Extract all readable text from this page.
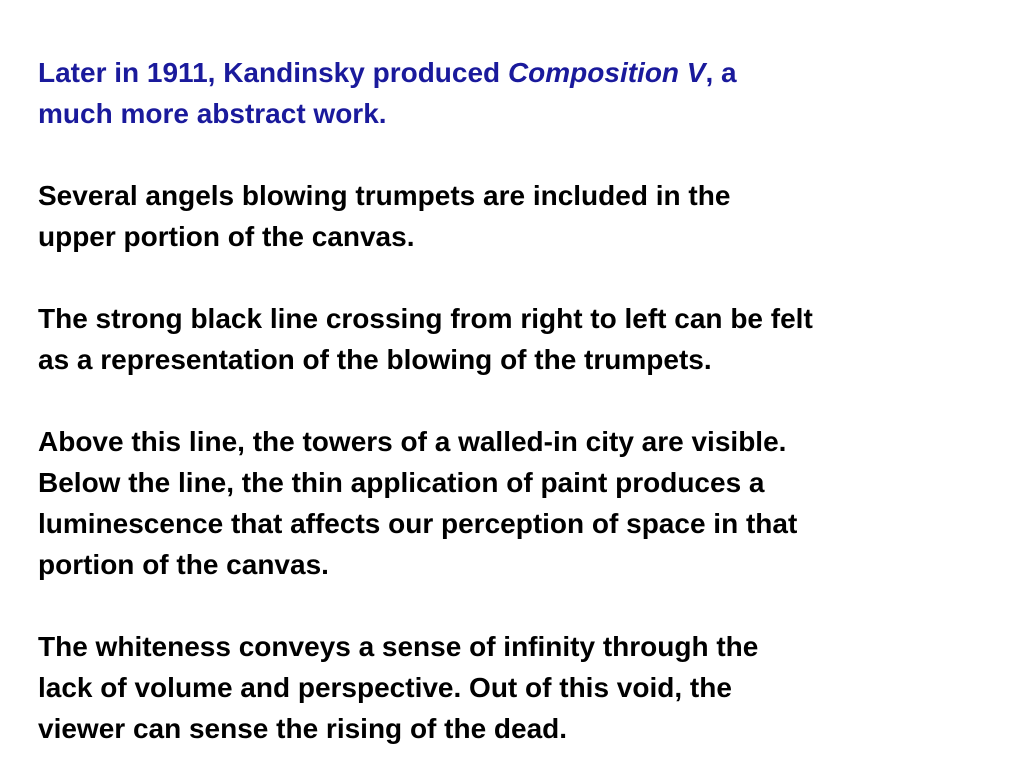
Later in 1911, Kandinsky produced Composition V, a
much more abstract work.

Several angels blowing trumpets are included in the
upper portion of the canvas.

The strong black line crossing from right to left can be felt
as a representation of the blowing of the trumpets.

Above this line, the towers of a walled-in city are visible.
Below the line, the thin application of paint produces a
luminescence that affects our perception of space in that
portion of the canvas.

The whiteness conveys a sense of infinity through the
lack of volume and perspective. Out of this void, the
viewer can sense the rising of the dead.
